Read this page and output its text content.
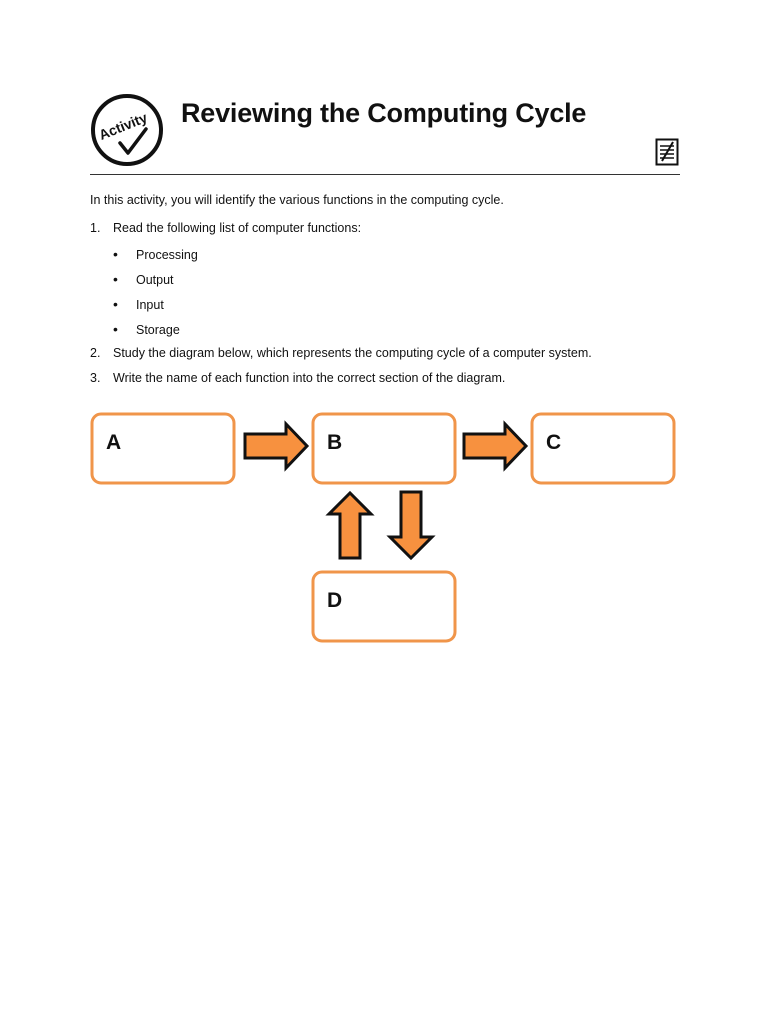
Activity Reviewing the Computing Cycle
In this activity, you will identify the various functions in the computing cycle.
1. Read the following list of computer functions:
• Processing
• Output
• Input
• Storage
2. Study the diagram below, which represents the computing cycle of a computer system.
3. Write the name of each function into the correct section of the diagram.
A	B	C
D
